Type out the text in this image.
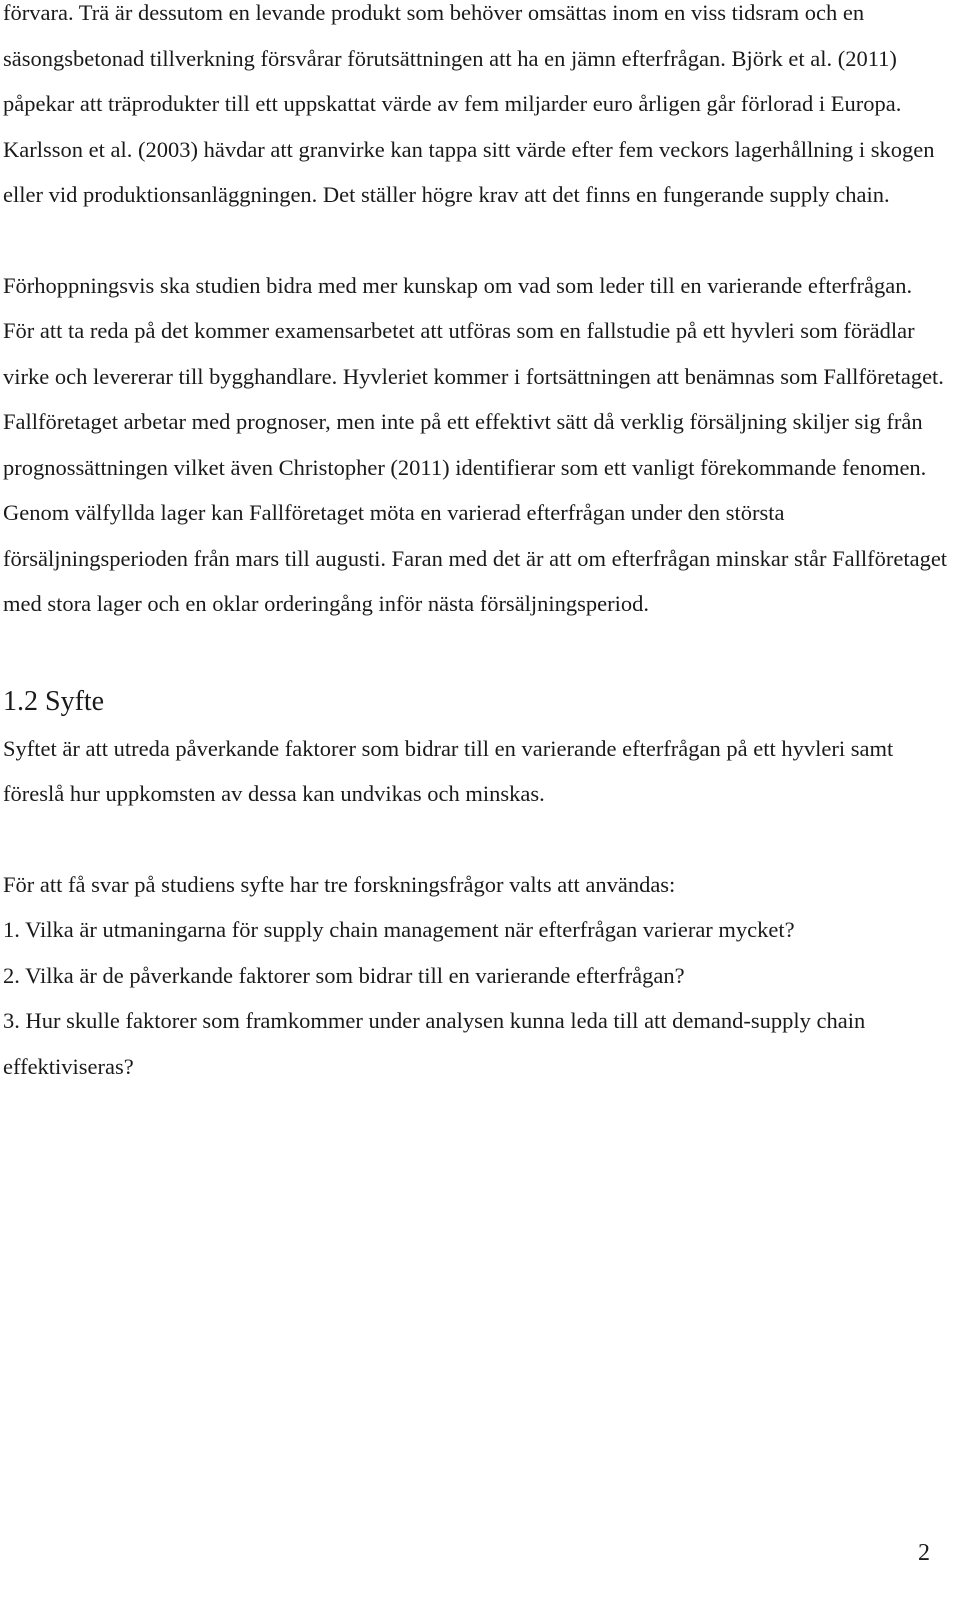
förvara. Trä är dessutom en levande produkt som behöver omsättas inom en viss tidsram och en säsongsbetonad tillverkning försvårar förutsättningen att ha en jämn efterfrågan. Björk et al. (2011) påpekar att träprodukter till ett uppskattat värde av fem miljarder euro årligen går förlorad i Europa. Karlsson et al. (2003) hävdar att granvirke kan tappa sitt värde efter fem veckors lagerhållning i skogen eller vid produktionsanläggningen. Det ställer högre krav att det finns en fungerande supply chain.

Förhoppningsvis ska studien bidra med mer kunskap om vad som leder till en varierande efterfrågan. För att ta reda på det kommer examensarbetet att utföras som en fallstudie på ett hyvleri som förädlar virke och levererar till bygghandlare. Hyvleriet kommer i fortsättningen att benämnas som Fallföretaget. Fallföretaget arbetar med prognoser, men inte på ett effektivt sätt då verklig försäljning skiljer sig från prognossättningen vilket även Christopher (2011) identifierar som ett vanligt förekommande fenomen. Genom välfyllda lager kan Fallföretaget möta en varierad efterfrågan under den största försäljningsperioden från mars till augusti. Faran med det är att om efterfrågan minskar står Fallföretaget med stora lager och en oklar orderingång inför nästa försäljningsperiod.

1.2 Syfte

Syftet är att utreda påverkande faktorer som bidrar till en varierande efterfrågan på ett hyvleri samt föreslå hur uppkomsten av dessa kan undvikas och minskas.

För att få svar på studiens syfte har tre forskningsfrågor valts att användas:

1. Vilka är utmaningarna för supply chain management när efterfrågan varierar mycket?

2. Vilka är de påverkande faktorer som bidrar till en varierande efterfrågan?

3. Hur skulle faktorer som framkommer under analysen kunna leda till att demand-supply chain effektiviseras?

2
